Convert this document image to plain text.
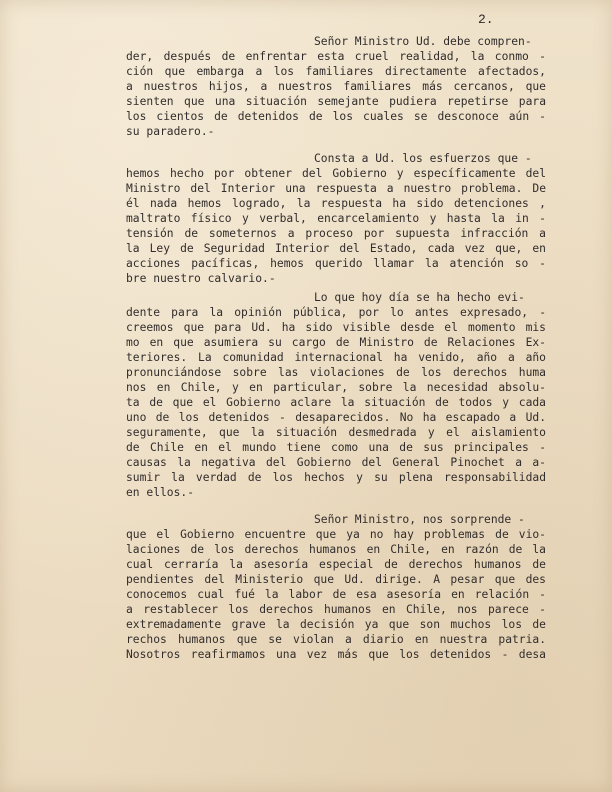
2.
Señor Ministro Ud. debe compren-
der, después de enfrentar esta cruel realidad, la conmo -
ción que embarga a los familiares directamente afectados,
a nuestros hijos, a nuestros familiares más cercanos, que
sienten que una situación semejante pudiera repetirse para
los cientos de detenidos de los cuales se desconoce aún -
su paradero.-
Consta a Ud. los esfuerzos que -
hemos hecho por obtener del Gobierno y específicamente del
Ministro del Interior una respuesta a nuestro problema. De
él nada hemos logrado, la respuesta ha sido detenciones ,
maltrato físico y verbal, encarcelamiento y hasta la in -
tensión de someternos a proceso por supuesta infracción a
la Ley de Seguridad Interior del Estado, cada vez que, en
acciones pacíficas, hemos querido llamar la atención so -
bre nuestro calvario.-
Lo que hoy día se ha hecho evi-
dente para la opinión pública, por lo antes expresado, -
creemos que para Ud. ha sido visible desde el momento mis
mo en que asumiera su cargo de Ministro de Relaciones Ex-
teriores. La comunidad internacional ha venido, año a año
pronunciándose sobre las violaciones de los derechos huma
nos en Chile, y en particular, sobre la necesidad absolu-
ta de que el Gobierno aclare la situación de todos y cada
uno de los detenidos - desaparecidos. No ha escapado a Ud.
seguramente, que la situación desmedrada y el aislamiento
de Chile en el mundo tiene como una de sus principales -
causas la negativa del Gobierno del General Pinochet a a-
sumir la verdad de los hechos y su plena responsabilidad
en ellos.-
Señor Ministro, nos sorprende -
que el Gobierno encuentre que ya no hay problemas de vio-
laciones de los derechos humanos en Chile, en razón de la
cual cerraría la asesoría especial de derechos humanos de
pendientes del Ministerio que Ud. dirige. A pesar que des
conocemos cual fué la labor de esa asesoría en relación -
a restablecer los derechos humanos en Chile, nos parece -
extremadamente grave la decisión ya que son muchos los de
rechos humanos que se violan a diario en nuestra patria.
Nosotros reafirmamos una vez más que los detenidos - desa
